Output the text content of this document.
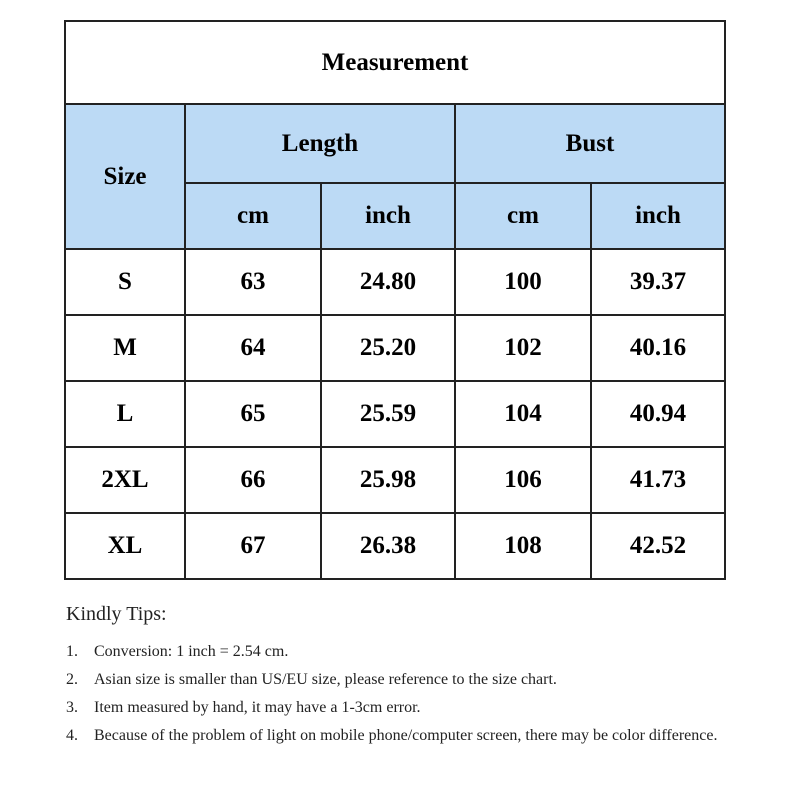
Measurement				
Size	Length		Bust	
	cm	inch	cm	inch
S	63	24.80	100	39.37
M	64	25.20	102	40.16
L	65	25.59	104	40.94
2XL	66	25.98	106	41.73
XL	67	26.38	108	42.52

Kindly Tips:

1.	Conversion: 1 inch = 2.54 cm.
2.	Asian size is smaller than US/EU size, please reference to the size chart.
3.	Item measured by hand, it may have a 1-3cm error.
4.	Because of the problem of light on mobile phone/computer screen, there may be color difference.
